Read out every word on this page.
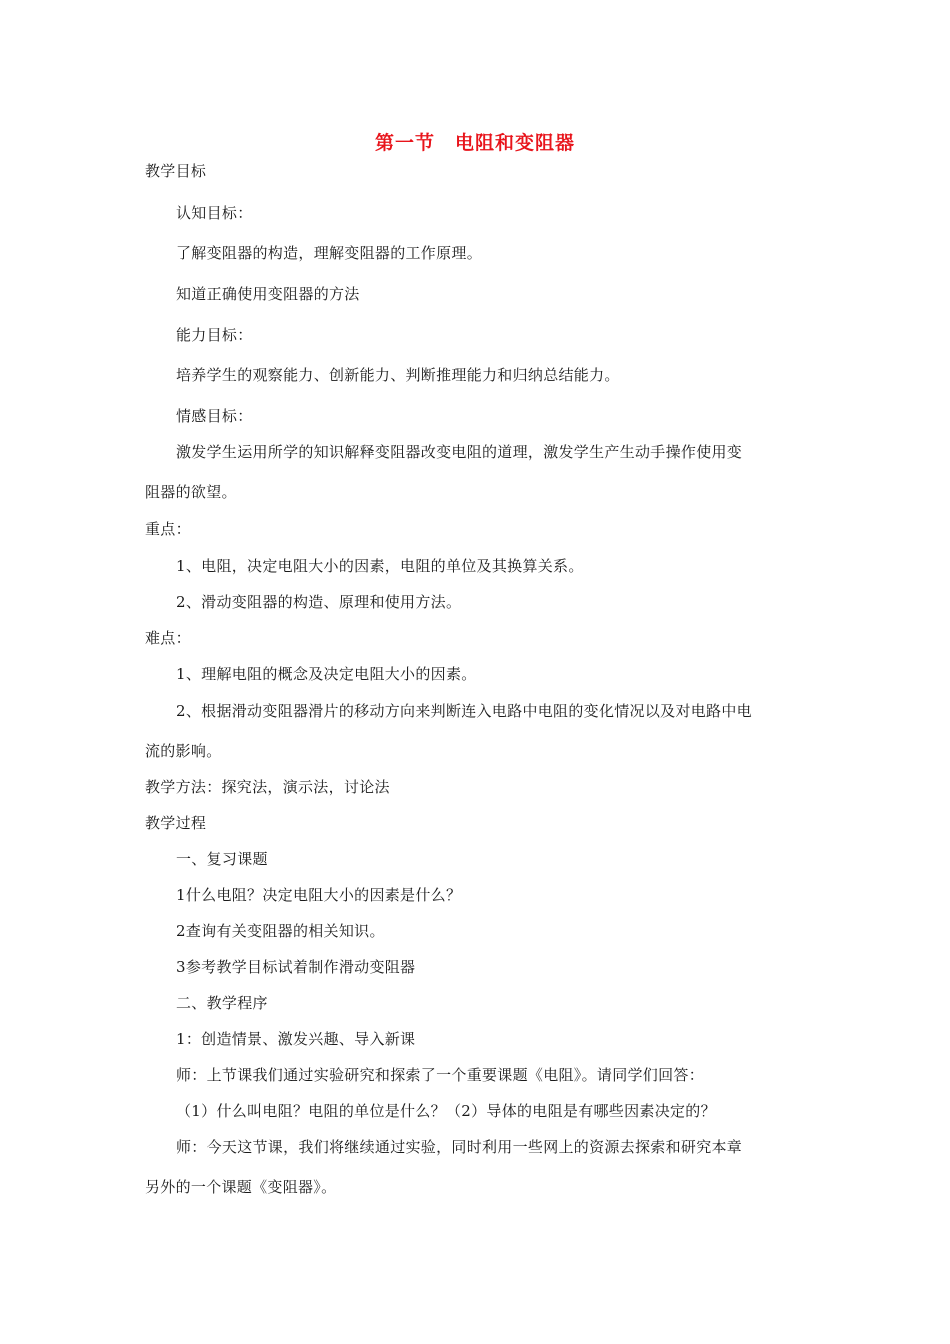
第一节　电阻和变阻器
教学目标
认知目标：
了解变阻器的构造，理解变阻器的工作原理。
知道正确使用变阻器的方法
能力目标：
培养学生的观察能力、创新能力、判断推理能力和归纳总结能力。
情感目标：
激发学生运用所学的知识解释变阻器改变电阻的道理，激发学生产生动手操作使用变
阻器的欲望。
重点：
1、电阻，决定电阻大小的因素，电阻的单位及其换算关系。
2、滑动变阻器的构造、原理和使用方法。
难点：
1、理解电阻的概念及决定电阻大小的因素。
2、根据滑动变阻器滑片的移动方向来判断连入电路中电阻的变化情况以及对电路中电
流的影响。
教学方法：探究法，演示法，讨论法
教学过程
一、复习课题
1什么电阻？决定电阻大小的因素是什么？
2查询有关变阻器的相关知识。
3参考教学目标试着制作滑动变阻器
二、教学程序
1：创造情景、激发兴趣、导入新课
师：上节课我们通过实验研究和探索了一个重要课题《电阻》。请同学们回答：
（1）什么叫电阻？电阻的单位是什么？（2）导体的电阻是有哪些因素决定的？
师：今天这节课，我们将继续通过实验，同时利用一些网上的资源去探索和研究本章
另外的一个课题《变阻器》。
